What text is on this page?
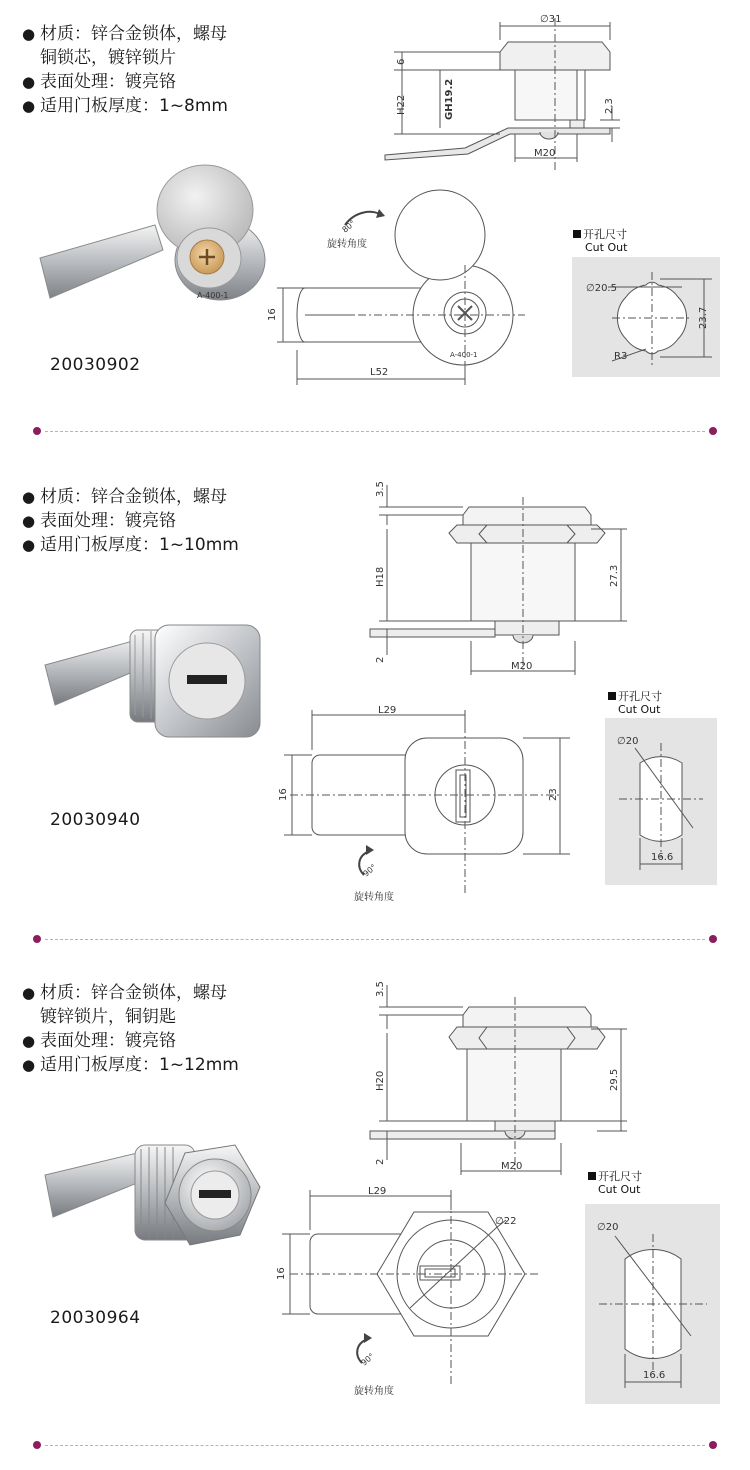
● 材质：锌合金锁体，螺母
铜锁芯，镀锌锁片
● 表面处理：镀亮铬
● 适用门板厚度：1~8mm
A-400-1
20030902
∅31
6
H22	GH19.2	2.3
M20
80°
旋转角度
16
L52
A-400-1
开孔尺寸
Cut Out
∅20.5
23.7
R3
● 材质：锌合金锁体，螺母
● 表面处理：镀亮铬
● 适用门板厚度：1~10mm
20030940
3.5
H18	27.3
2
M20
90°
旋转角度
L29
16	23
开孔尺寸
Cut Out
∅20
16.6
● 材质：锌合金锁体，螺母
镀锌锁片，铜钥匙
● 表面处理：镀亮铬
● 适用门板厚度：1~12mm
20030964
3.5
H20	29.5
2	M20
90°
旋转角度
L29
∅22
16
开孔尺寸
Cut Out
∅20
16.6
